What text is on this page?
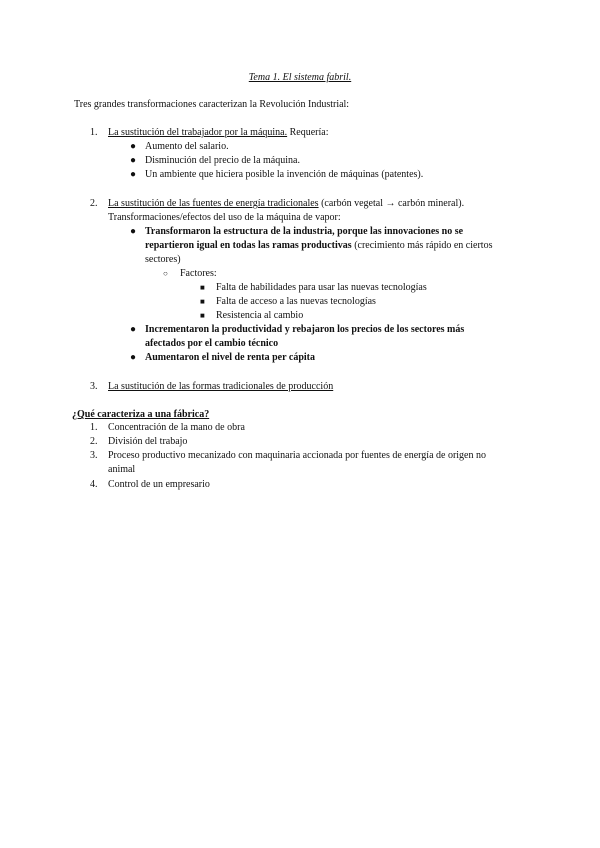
Tema 1. El sistema fabril.
Tres grandes transformaciones caracterizan la Revolución Industrial:
1. La sustitución del trabajador por la máquina. Requería:
● Aumento del salario.
● Disminución del precio de la máquina.
● Un ambiente que hiciera posible la invención de máquinas (patentes).
2. La sustitución de las fuentes de energía tradicionales (carbón vegetal → carbón mineral).
Transformaciones/efectos del uso de la máquina de vapor:
● Transformaron la estructura de la industria, porque las innovaciones no se
repartieron igual en todas las ramas productivas (crecimiento más rápido en ciertos
sectores)
○ Factores:
■ Falta de habilidades para usar las nuevas tecnologías
■ Falta de acceso a las nuevas tecnologías
■ Resistencia al cambio
● Incrementaron la productividad y rebajaron los precios de los sectores más
afectados por el cambio técnico
● Aumentaron el nivel de renta per cápita
3. La sustitución de las formas tradicionales de producción
¿Qué caracteriza a una fábrica?
1. Concentración de la mano de obra
2. División del trabajo
3. Proceso productivo mecanizado con maquinaria accionada por fuentes de energía de origen no
animal
4. Control de un empresario
